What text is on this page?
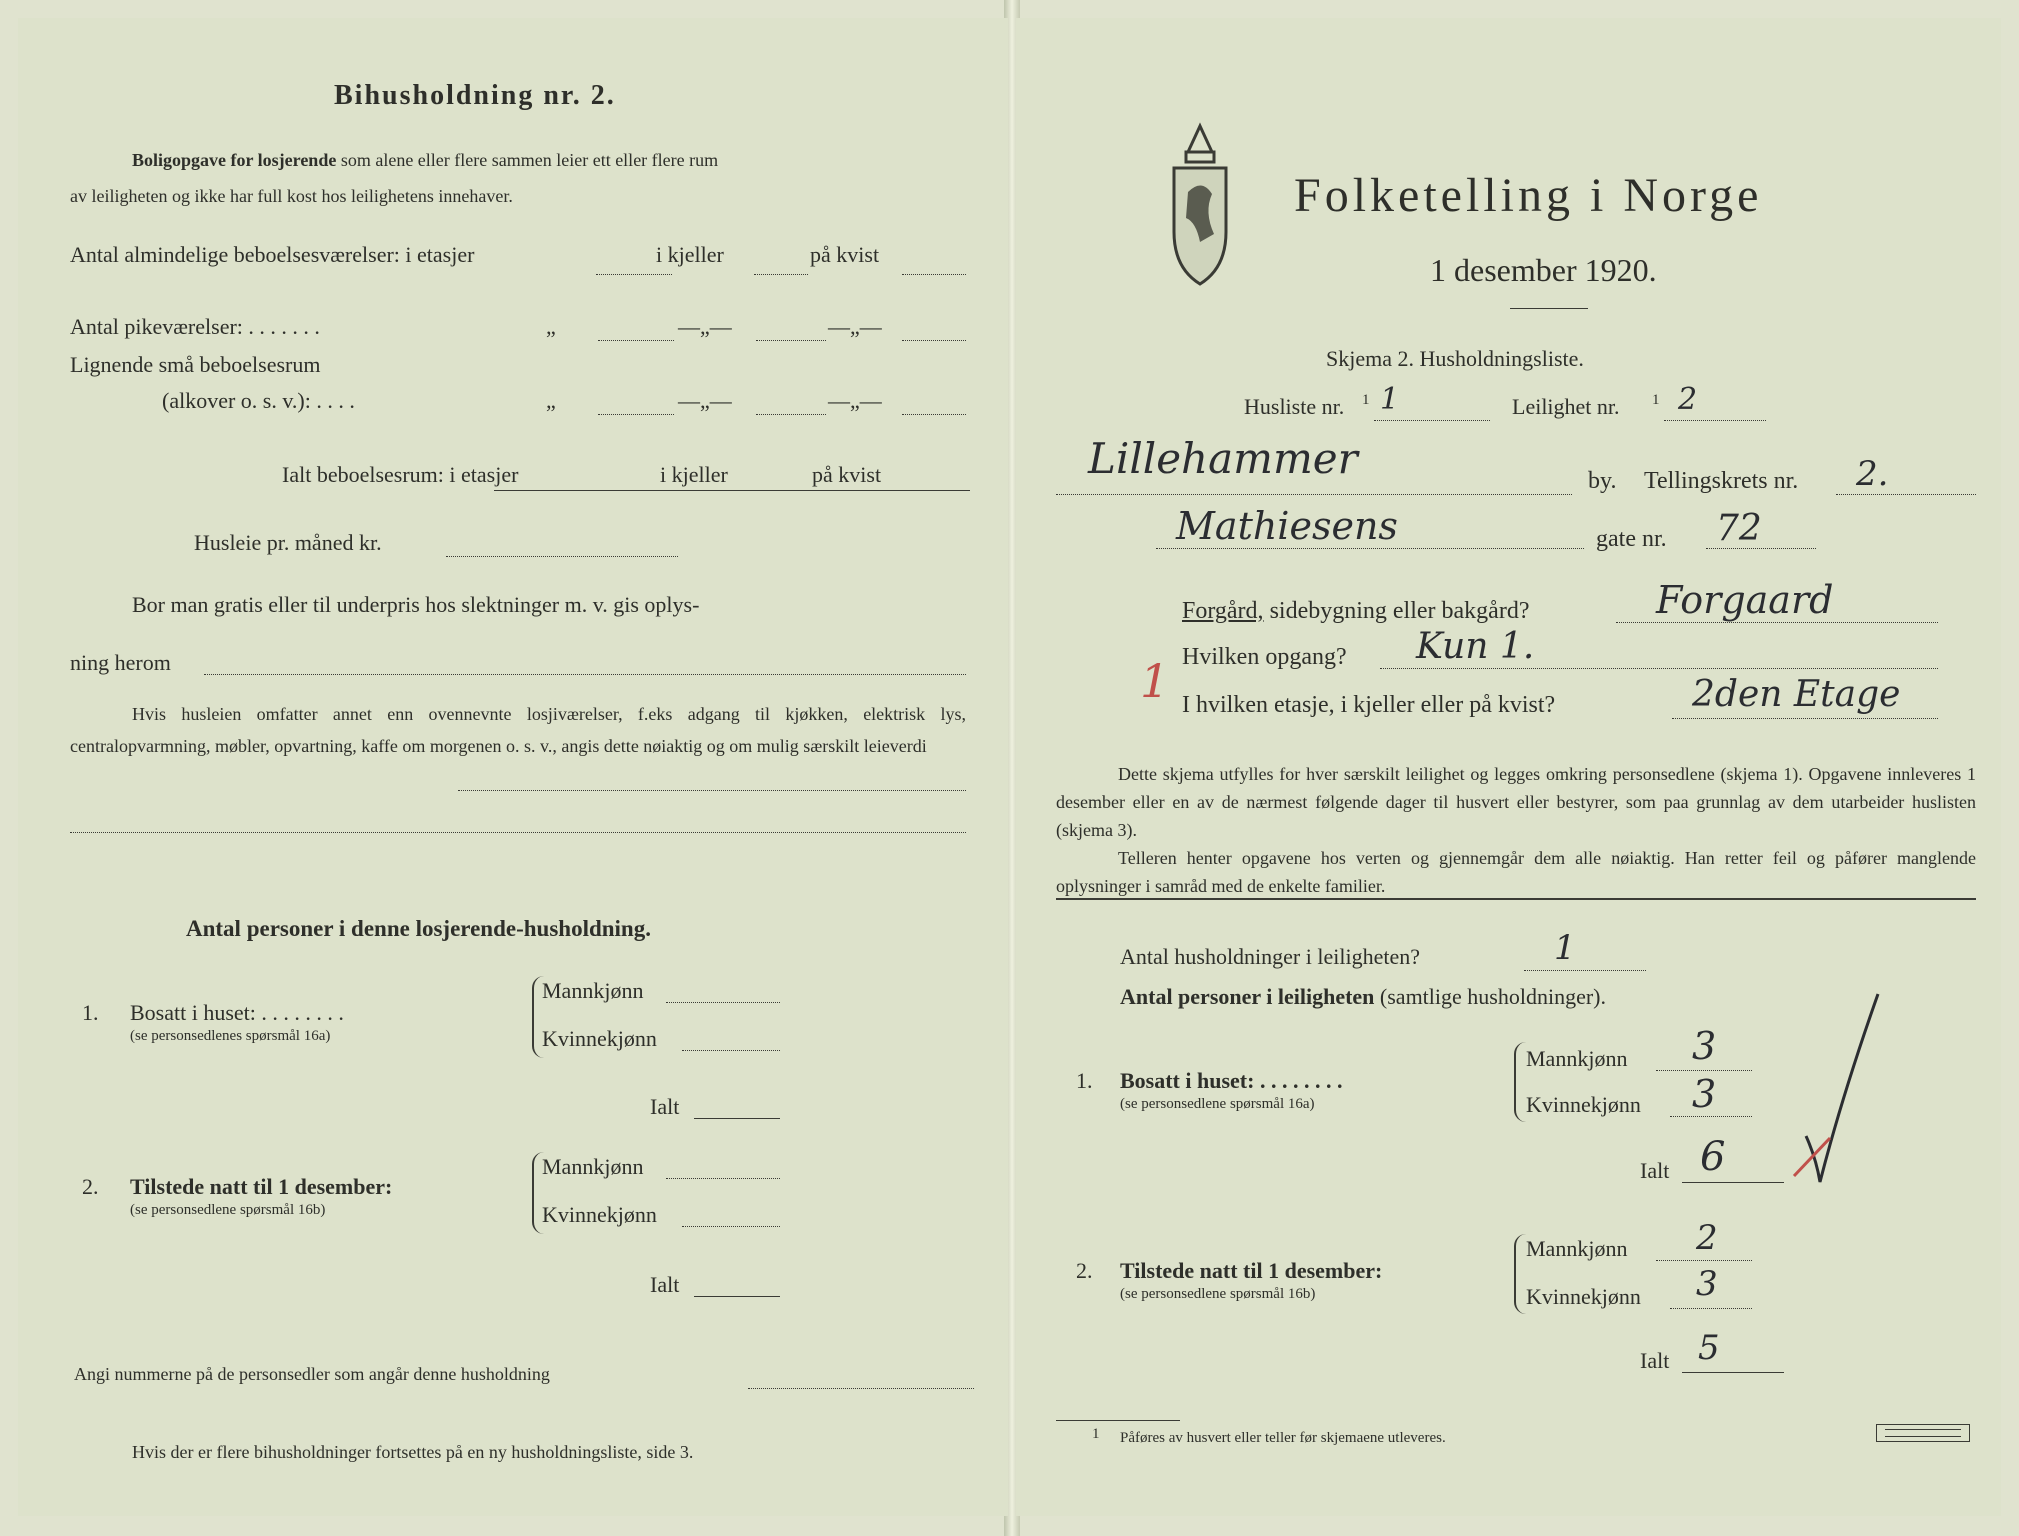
Bihusholdning nr. 2.
Boligopgave for losjerende som alene eller flere sammen leier ett eller flere rum
av leiligheten og ikke har full kost hos leilighetens innehaver.
Antal almindelige beboelsesværelser: i etasjer	i kjeller	på kvist
Antal pikeværelser: . . . . . . .	„	—„—	—„—
Lignende små beboelsesrum
(alkover o. s. v.): . . . .	„	—„—	—„—
Ialt beboelsesrum: i etasjer	i kjeller	på kvist
Husleie pr. måned kr.
Bor man gratis eller til underpris hos slektninger m. v. gis oplys-
ning herom
Hvis husleien omfatter annet enn ovennevnte losjiværelser, f.eks adgang til kjøkken, elektrisk lys, centralopvarmning, møbler, opvartning, kaffe om morgenen o. s. v., angis dette nøiaktig og om mulig særskilt leieverdi
Antal personer i denne losjerende-husholdning.
1. Bosatt i huset: . . . . . . . .
(se personsedlenes spørsmål 16a)
Mannkjønn
Kvinnekjønn
Ialt
2. Tilstede natt til 1 desember:
(se personsedlene spørsmål 16b)
Mannkjønn
Kvinnekjønn
Ialt
Angi nummerne på de personsedler som angår denne husholdning
Hvis der er flere bihusholdninger fortsettes på en ny husholdningsliste, side 3.
Folketelling i Norge
1 desember 1920.
Skjema 2. Husholdningsliste.
Husliste nr. 1 1	Leilighet nr. 1 2
Lillehammer	by. Tellingskrets nr. 2.
Mathiesens	gate nr. 72
Forgård, sidebygning eller bakgård?	Forgaard
Hvilken opgang? Kun 1.
1 I hvilken etasje, i kjeller eller på kvist?	2den Etage
Dette skjema utfylles for hver særskilt leilighet og legges omkring personsedlene (skjema 1). Opgavene innleveres 1 desember eller en av de nærmest følgende dager til husvert eller bestyrer, som paa grunnlag av dem utarbeider huslisten (skjema 3).
Telleren henter opgavene hos verten og gjennemgår dem alle nøiaktig. Han retter feil og påfører manglende oplysninger i samråd med de enkelte familier.
Antal husholdninger i leiligheten?	1
Antal personer i leiligheten (samtlige husholdninger).
1. Bosatt i huset: . . . . . . . .
(se personsedlene spørsmål 16a)
Mannkjønn 3
Kvinnekjønn 3
Ialt 6
2. Tilstede natt til 1 desember:
(se personsedlene spørsmål 16b)
Mannkjønn 2
Kvinnekjønn 3
Ialt 5
1 Påføres av husvert eller teller før skjemaene utleveres.
